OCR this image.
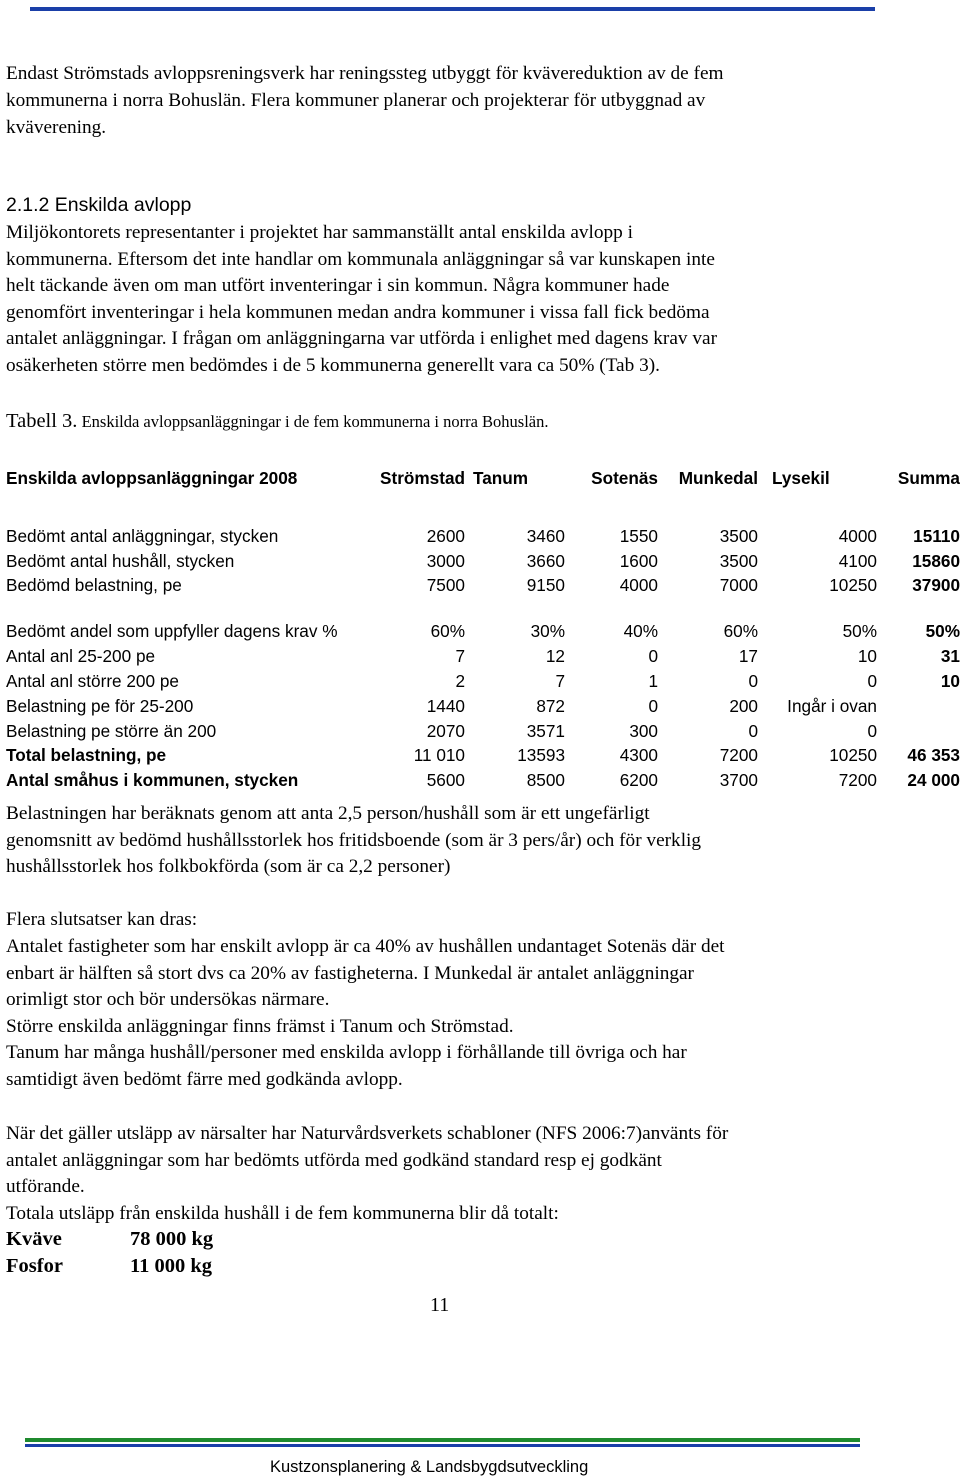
Endast Strömstads avloppsreningsverk har reningssteg utbyggt för kvävereduktion av de fem
kommunerna i norra Bohuslän. Flera kommuner planerar och projekterar för utbyggnad av
kväverening.
2.1.2 Enskilda avlopp
Miljökontorets representanter i projektet har sammanställt antal enskilda avlopp i
kommunerna. Eftersom det inte handlar om kommunala anläggningar så var kunskapen inte
helt täckande även om man utfört inventeringar i sin kommun. Några kommuner hade
genomfört inventeringar i hela kommunen medan andra kommuner i vissa fall fick bedöma
antalet anläggningar. I frågan om anläggningarna var utförda i enlighet med dagens krav var
osäkerheten större men bedömdes i de 5 kommunerna generellt vara ca 50% (Tab 3).
Tabell 3. Enskilda avloppsanläggningar i de fem kommunerna i norra Bohuslän.
Enskilda avloppsanläggningar 2008	Strömstad	Tanum	Sotenäs	Munkedal	Lysekil	Summa

Bedömt antal anläggningar, stycken	2600	3460	1550	3500	4000	15110
Bedömt antal hushåll, stycken	3000	3660	1600	3500	4100	15860
Bedömd belastning, pe	7500	9150	4000	7000	10250	37900
Bedömt andel som uppfyller dagens krav %	60%	30%	40%	60%	50%	50%
Antal anl 25-200 pe	7	12	0	17	10	31
Antal anl större 200 pe	2	7	1	0	0	10
Belastning pe för 25-200	1440	872	0	200	Ingår i ovan	
Belastning pe större än 200	2070	3571	300	0	0	
Total belastning, pe	11 010	13593	4300	7200	10250	46 353
Antal småhus i kommunen, stycken	5600	8500	6200	3700	7200	24 000
Belastningen har beräknats genom att anta 2,5 person/hushåll som är ett ungefärligt
genomsnitt av bedömd hushållsstorlek hos fritidsboende (som är 3 pers/år) och för verklig
hushållsstorlek hos folkbokförda (som är ca 2,2 personer)
Flera slutsatser kan dras:
Antalet fastigheter som har enskilt avlopp är ca 40% av hushållen undantaget Sotenäs där det
enbart är hälften så stort dvs ca 20% av fastigheterna. I Munkedal är antalet anläggningar
orimligt stor och bör undersökas närmare.
Större enskilda anläggningar finns främst i Tanum och Strömstad.
Tanum har många hushåll/personer med enskilda avlopp i förhållande till övriga och har
samtidigt även bedömt färre med godkända avlopp.
När det gäller utsläpp av närsalter har Naturvårdsverkets schabloner (NFS 2006:7)använts för
antalet anläggningar som har bedömts utförda med godkänd standard resp ej godkänt
utförande.
Totala utsläpp från enskilda hushåll i de fem kommunerna blir då totalt:
Kväve	78 000 kg
Fosfor	11 000 kg
11
Kustzonsplanering & Landsbygdsutveckling
